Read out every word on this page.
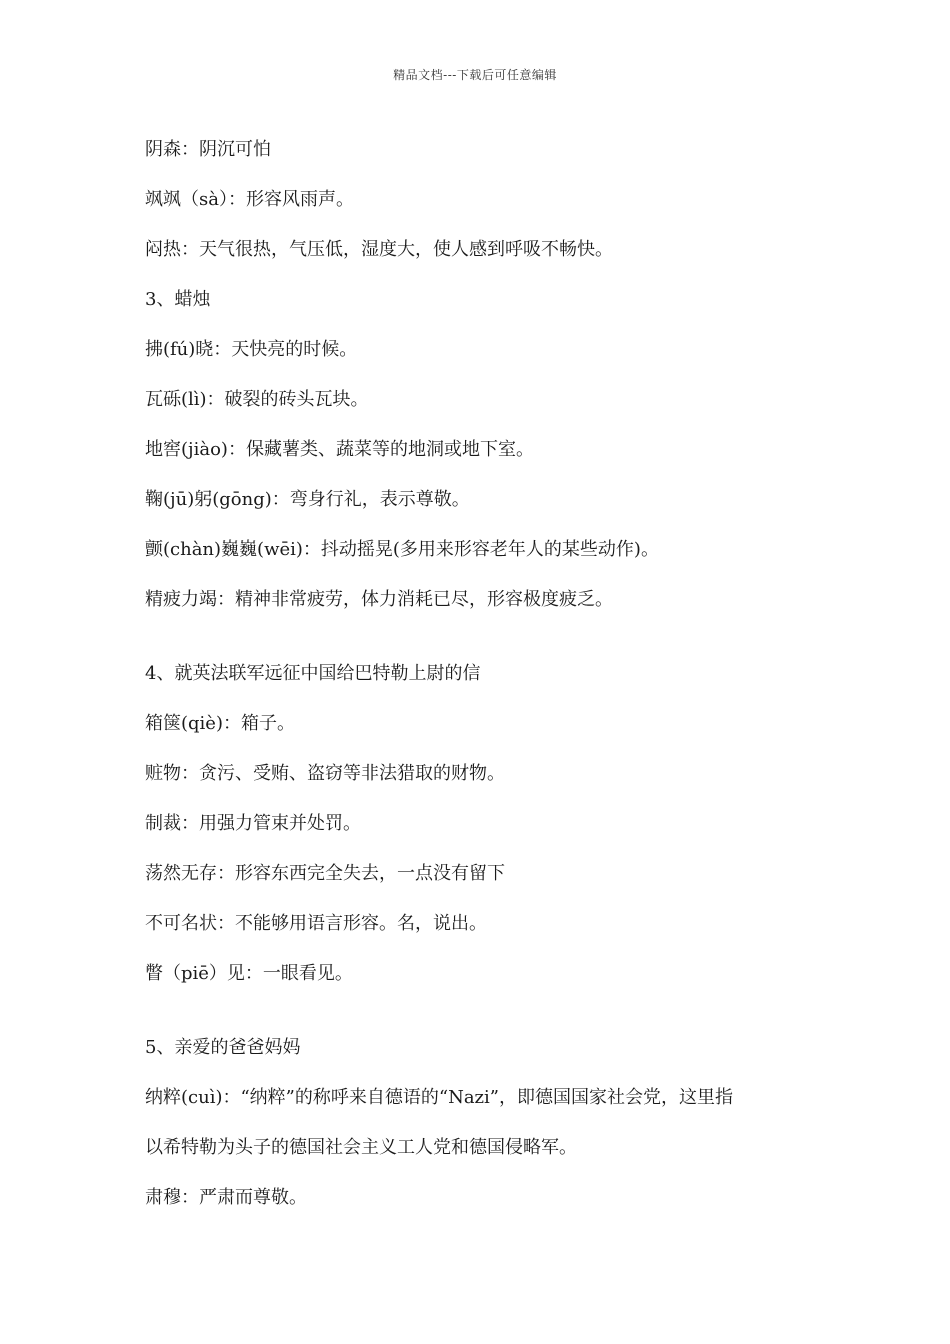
精品文档---下载后可任意编辑
阴森：阴沉可怕
飒飒（sà）：形容风雨声。
闷热：天气很热，气压低，湿度大，使人感到呼吸不畅快。
3、蜡烛
拂(fú)晓：天快亮的时候。
瓦砾(lì)：破裂的砖头瓦块。
地窖(jiào)：保藏薯类、蔬菜等的地洞或地下室。
鞠(jū)躬(gōng)：弯身行礼，表示尊敬。
颤(chàn)巍巍(wēi)：抖动摇晃(多用来形容老年人的某些动作)。
精疲力竭：精神非常疲劳，体力消耗已尽，形容极度疲乏。
4、就英法联军远征中国给巴特勒上尉的信
箱箧(qiè)：箱子。
赃物：贪污、受贿、盗窃等非法猎取的财物。
制裁：用强力管束并处罚。
荡然无存：形容东西完全失去，一点没有留下
不可名状：不能够用语言形容。名，说出。
瞥（piē）见：一眼看见。
5、亲爱的爸爸妈妈
纳粹(cuì)：“纳粹”的称呼来自德语的“Nazi”，即德国国家社会党，这里指
以希特勒为头子的德国社会主义工人党和德国侵略军。
肃穆：严肃而尊敬。
